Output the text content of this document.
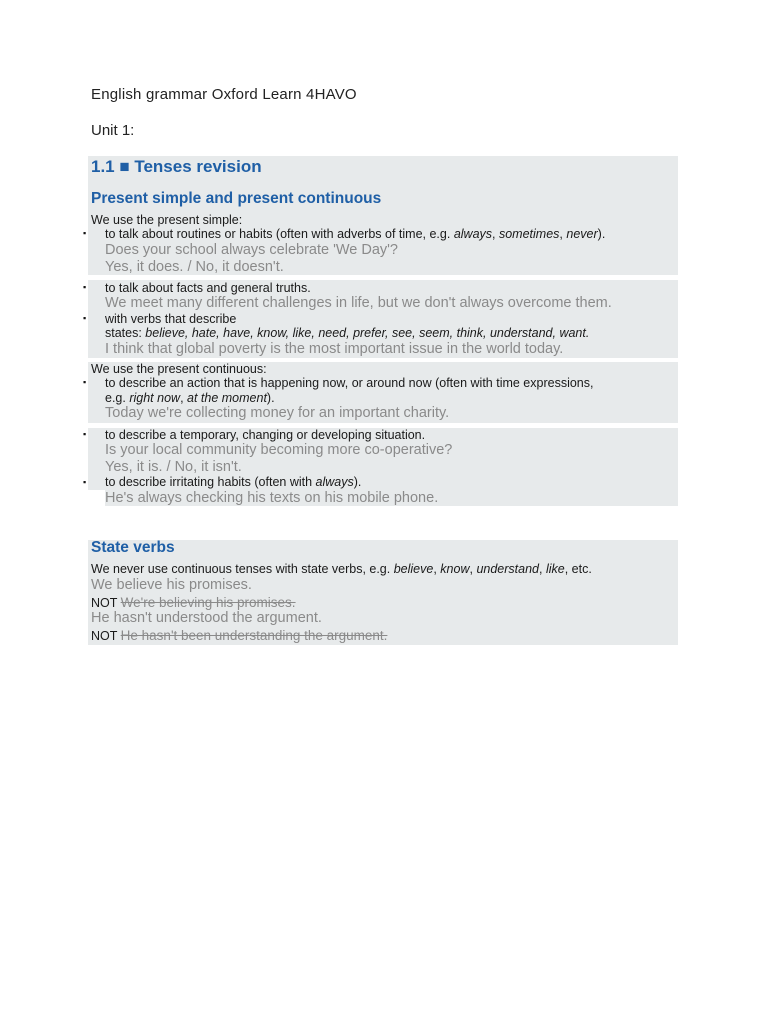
English grammar Oxford Learn 4HAVO
Unit 1:
1.1 ■ Tenses revision
Present simple and present continuous
We use the present simple:
▪ to talk about routines or habits (often with adverbs of time, e.g. always, sometimes, never).
Does your school always celebrate 'We Day'?
Yes, it does. / No, it doesn't.
▪ to talk about facts and general truths.
We meet many different challenges in life, but we don't always overcome them.
▪ with verbs that describe
states: believe, hate, have, know, like, need, prefer, see, seem, think, understand, want.
I think that global poverty is the most important issue in the world today.
We use the present continuous:
▪ to describe an action that is happening now, or around now (often with time expressions,
e.g. right now, at the moment).
Today we're collecting money for an important charity.
▪ to describe a temporary, changing or developing situation.
Is your local community becoming more co-operative?
Yes, it is. / No, it isn't.
▪ to describe irritating habits (often with always).
He's always checking his texts on his mobile phone.
State verbs
We never use continuous tenses with state verbs, e.g. believe, know, understand, like, etc.
We believe his promises.
NOT We're believing his promises.
He hasn't understood the argument.
NOT He hasn't been understanding the argument.
